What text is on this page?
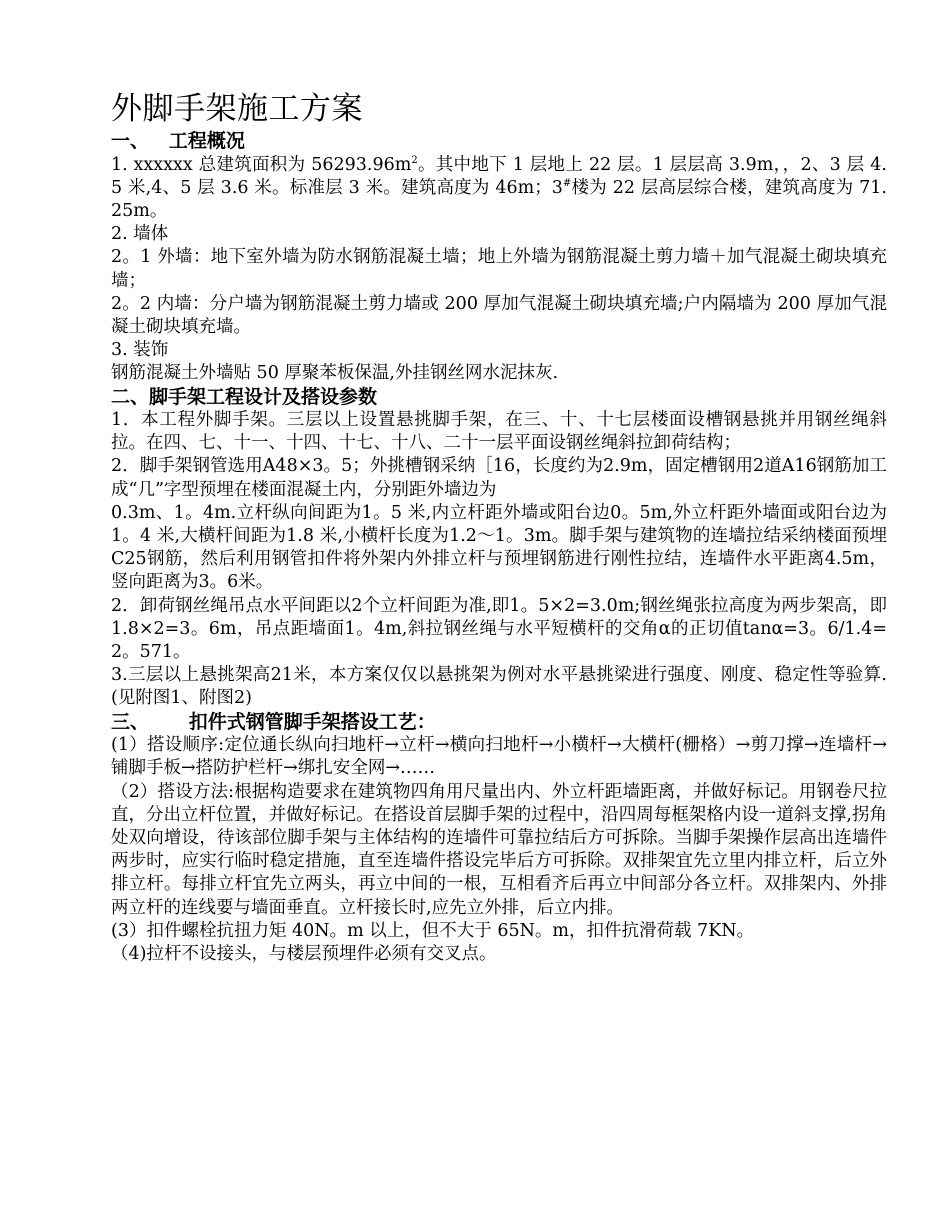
外脚手架施工方案
一、   工程概况

1. xxxxxx 总建筑面积为 $56293.96m^2$。其中地下 1 层地上 22 层。1 层层高 3.9m，，2、3 层 4.5 米,4、5 层 3.6 米。标准层 3 米。建筑高度为 46m；3#楼为 22 层高层综合楼，建筑高度为 71.25m。

2. 墙体

2。1 外墙：地下室外墙为防水钢筋混凝土墙；地上外墙为钢筋混凝土剪力墙＋加气混凝土砌块填充墙；

2。2 内墙：分户墙为钢筋混凝土剪力墙或 200 厚加气混凝土砌块填充墙;户内隔墙为 200 厚加气混凝土砌块填充墙。

3. 装饰

钢筋混凝土外墙贴 50 厚聚苯板保温,外挂钢丝网水泥抹灰.

二、脚手架工程设计及搭设参数

1．本工程外脚手架。三层以上设置悬挑脚手架，在三、十、十七层楼面设槽钢悬挑并用钢丝绳斜拉。在四、七、十一、十四、十七、十八、二十一层平面设钢丝绳斜拉卸荷结构；

2．脚手架钢管选用A48×3。5；外挑槽钢采纳［16，长度约为2.9m，固定槽钢用2道A16钢筋加工成“几”字型预埋在楼面混凝土内，分别距外墙边为

0.3m、1。4m.立杆纵向间距为1。5 米,内立杆距外墙或阳台边0。5m,外立杆距外墙面或阳台边为1。4 米,大横杆间距为1.8 米,小横杆长度为1.2～1。3m。脚手架与建筑物的连墙拉结采纳楼面预埋C25钢筋，然后利用钢管扣件将外架内外排立杆与预埋钢筋进行刚性拉结，连墙件水平距离4.5m，竖向距离为3。6米。

2．卸荷钢丝绳吊点水平间距以2个立杆间距为准,即1。5×2=3.0m;钢丝绳张拉高度为两步架高，即1.8×2=3。6m，吊点距墙面1。4m,斜拉钢丝绳与水平短横杆的交角α的正切值tanα=3。6/1.4=2。571。

3.三层以上悬挑架高21米，本方案仅仅以悬挑架为例对水平悬挑梁进行强度、刚度、稳定性等验算.(见附图1、附图2)

三、      扣件式钢管脚手架搭设工艺：

(1）搭设顺序:定位通长纵向扫地杆→立杆→横向扫地杆→小横杆→大横杆(栅格）→剪刀撑→连墙杆→铺脚手板→搭防护栏杆→绑扎安全网→……

（2）搭设方法:根据构造要求在建筑物四角用尺量出内、外立杆距墙距离，并做好标记。用钢卷尺拉直，分出立杆位置，并做好标记。在搭设首层脚手架的过程中，沿四周每框架格内设一道斜支撑,拐角处双向增设，待该部位脚手架与主体结构的连墙件可靠拉结后方可拆除。当脚手架操作层高出连墙件两步时，应实行临时稳定措施，直至连墙件搭设完毕后方可拆除。双排架宜先立里内排立杆，后立外排立杆。每排立杆宜先立两头，再立中间的一根，互相看齐后再立中间部分各立杆。双排架内、外排两立杆的连线要与墙面垂直。立杆接长时,应先立外排，后立内排。

(3）扣件螺栓抗扭力矩 40N。m 以上，但不大于 65N。m，扣件抗滑荷载 7KN。

（4)拉杆不设接头，与楼层预埋件必须有交叉点。
